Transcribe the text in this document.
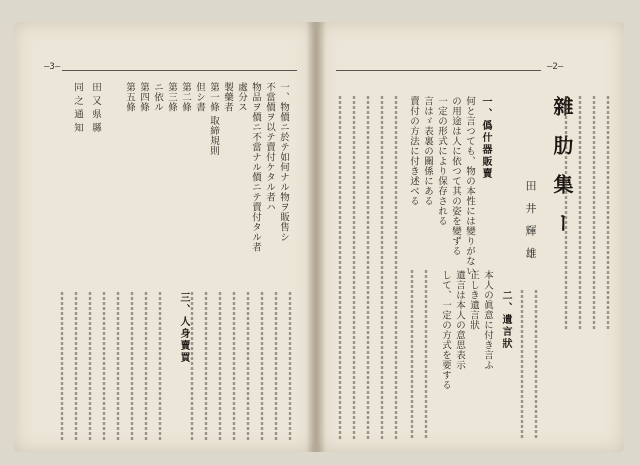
—3—	—2—
雜 肋 集 ー
田 井 輝 雄
一、僞什器販賣
二、遺言狀
何と言つても、物の本性には變りがない
の用途は人に依つて其の姿を變ずる
一定の形式により保存される
言はゞ表裏の關係にある
賣付の方法に付き述べる
本人の眞意に付き言ふ
正しき遺言狀
遺言は本人の意思表示
して、一定の方式を要する
一、物價ニ於テ如何ナル物ヲ販售シ
不當價ヲ以テ賣付ケタル者ハ
物品ヲ價ニ不當ナル價ニテ賣付タル者
處分ス
製藥者
第一條 取締規則
但シ書
第二條
第三條
ニ依ル
第四條
第五條
田 又 県 縣
同 之 通 知
三、人身賣買
